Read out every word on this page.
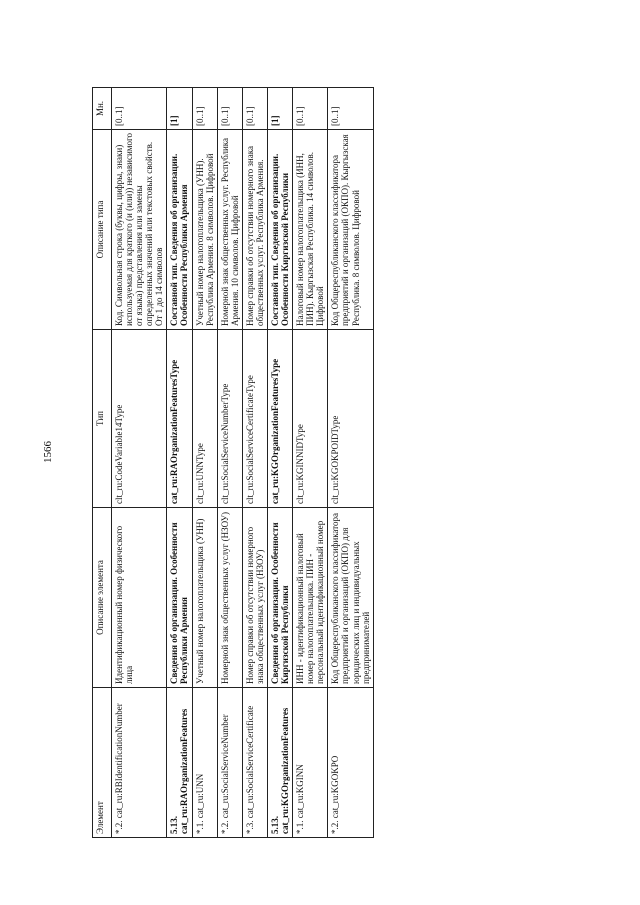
1566
Элемент	Описание элемента	Тип	Описание типа	Мн.
*.2. cat_ru:RBIdentificationNumber	Идентификационный номер физического лица	clt_ru:CodeVariable14Type	Код. Символьная строка (буквы, цифры, знаки) используемая для краткого (и (или)) независимого от языка) представления или замены определенных значений или текстовых свойств. От 1 до 14 символов	[0..1]
5.13. cat_ru:RAOrganizationFeatures	Сведения об организации. Особенности Республики Армения	cat_ru:RAOrganizationFeaturesType	Составной тип. Сведения об организации. Особенности Республики Армения	[1]
*.1. cat_ru:UNN	Учетный номер налогоплательщика (УНН)	clt_ru:UNNType	Учетный номер налогоплательщика (УНН). Республика Армения. 8 символов. Цифровой	[0..1]
*.2. cat_ru:SocialServiceNumber	Номерной знак общественных услуг (НЗОУ)	clt_ru:SocialServiceNumberType	Номерной знак общественных услуг. Республика Армения. 10 символов. Цифровой	[0..1]
*.3. cat_ru:SocialServiceCertificate	Номер справки об отсутствии номерного знака общественных услуг (НЗОУ)	clt_ru:SocialServiceCertificateType	Номер справки об отсутствии номерного знака общественных услуг. Республика Армения.	[0..1]
5.13. cat_ru:KGOrganizationFeatures	Сведения об организации. Особенности Киргизской Республики	cat_ru:KGOrganizationFeaturesType	Составной тип. Сведения об организации. Особенности Киргизской Республики	[1]
*.1. cat_ru:KGINN	ИНН - идентификационный налоговый номер налогоплательщика. ПИН - персональный идентификационный номер	clt_ru:KGINNIDType	Налоговый номер налогоплательщика (ИНН, ПИН). Кыргызская Республика. 14 символов. Цифровой	[0..1]
*.2. cat_ru:KGOKPO	Код Общереспубликанского классификатора предприятий и организаций (ОКПО) для юридических лиц и индивидуальных предпринимателей	clt_ru:KGOKPOIDType	Код Общереспубликанского классификатора предприятий и организаций (ОКПО). Кыргызская Республика. 8 символов. Цифровой	[0..1]
